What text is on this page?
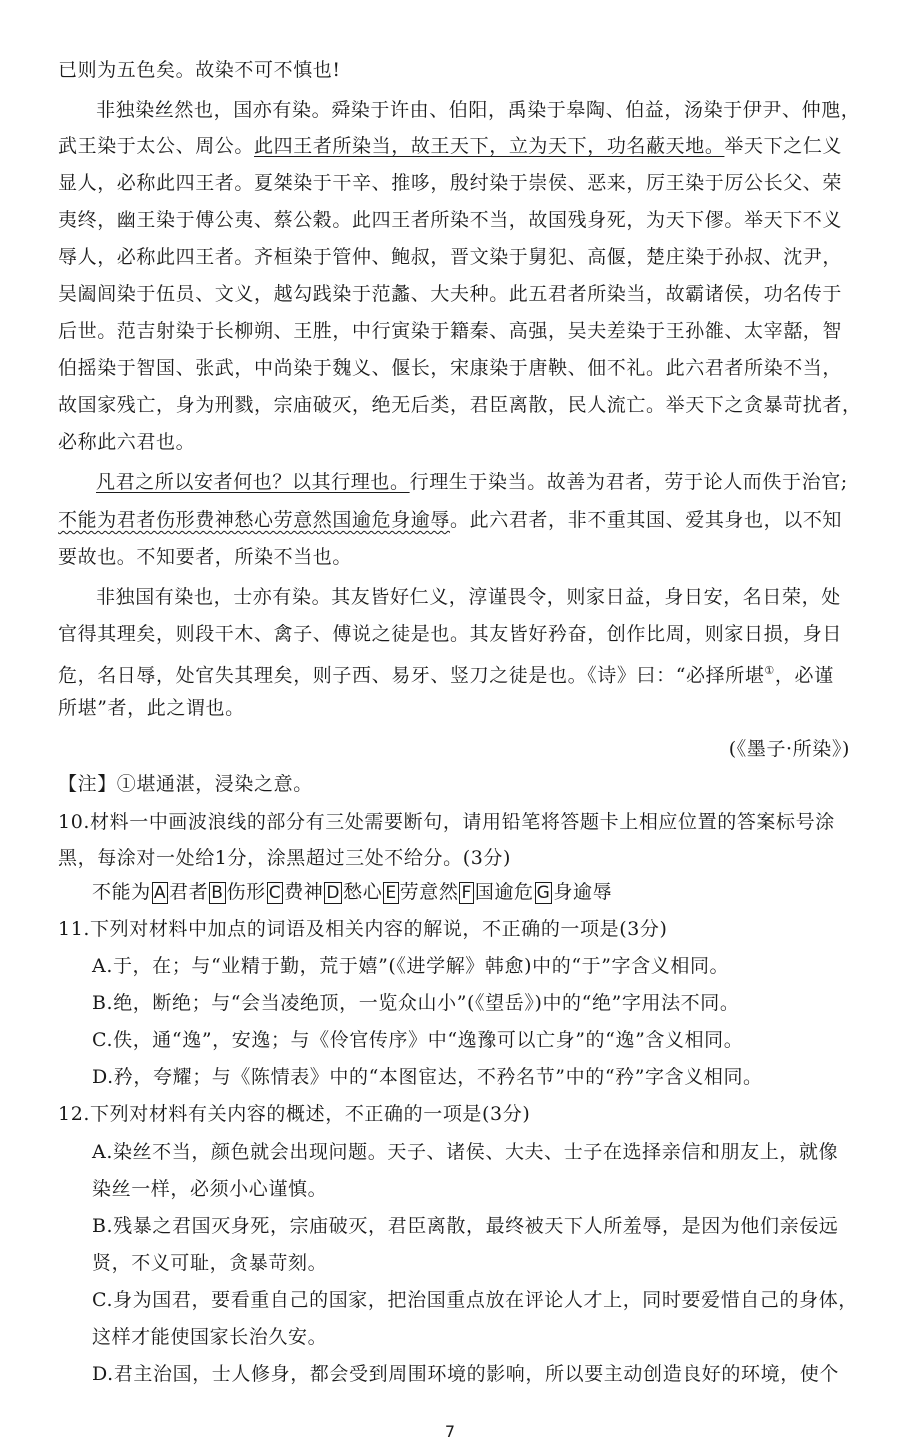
已则为五色矣。故染不可不慎也!
非独染丝然也，国亦有染。舜染于许由、伯阳，禹染于皋陶、伯益，汤染于伊尹、仲虺，
武王染于太公、周公。此四王者所染当，故王天下，立为天下，功名蔽天地。举天下之仁义
显人，必称此四王者。夏桀染于干辛、推哆，殷纣染于崇侯、恶来，厉王染于厉公长父、荣
夷终，幽王染于傅公夷、蔡公穀。此四王者所染不当，故国残身死，为天下僇。举天下不义
辱人，必称此四王者。齐桓染于管仲、鲍叔，晋文染于舅犯、高偃，楚庄染于孙叔、沈尹，
吴阖闾染于伍员、文义，越勾践染于范蠡、大夫种。此五君者所染当，故霸诸侯，功名传于
后世。范吉射染于长柳朔、王胜，中行寅染于籍秦、高强，吴夫差染于王孙雒、太宰嚭，智
伯摇染于智国、张武，中尚染于魏义、偃长，宋康染于唐鞅、佃不礼。此六君者所染不当，
故国家残亡，身为刑戮，宗庙破灭，绝无后类，君臣离散，民人流亡。举天下之贪暴苛扰者，
必称此六君也。
凡君之所以安者何也？以其行理也。行理生于染当。故善为君者，劳于论人而佚于治官;
不能为君者伤形费神愁心劳意然国逾危身逾辱。此六君者，非不重其国、爱其身也，以不知
要故也。不知要者，所染不当也。
非独国有染也，士亦有染。其友皆好仁义，淳谨畏令，则家日益，身日安，名日荣，处
官得其理矣，则段干木、禽子、傅说之徒是也。其友皆好矜奋，创作比周，则家日损，身日
危，名日辱，处官失其理矣，则子西、易牙、竖刀之徒是也。《诗》曰：“必择所堪①，必谨
所堪”者，此之谓也。
(《墨子·所染》)
【注】①堪通湛，浸染之意。
10.材料一中画波浪线的部分有三处需要断句，请用铅笔将答题卡上相应位置的答案标号涂
黑，每涂对一处给1分，涂黑超过三处不给分。(3分)
不能为 A 君者 B 伤形 C 费神 D 愁心 E 劳意然 F 国逾危 G 身逾辱
11.下列对材料中加点的词语及相关内容的解说，不正确的一项是(3分)
A.于，在；与“业精于勤，荒于嬉”(《进学解》韩愈)中的“于”字含义相同。
B.绝，断绝；与“会当凌绝顶，一览众山小”(《望岳》)中的“绝”字用法不同。
C.佚，通“逸”，安逸；与《伶官传序》中“逸豫可以亡身”的“逸”含义相同。
D.矜，夸耀；与《陈情表》中的“本图宦达，不矜名节”中的“矜”字含义相同。
12.下列对材料有关内容的概述，不正确的一项是(3分)
A.染丝不当，颜色就会出现问题。天子、诸侯、大夫、士子在选择亲信和朋友上，就像
染丝一样，必须小心谨慎。
B.残暴之君国灭身死，宗庙破灭，君臣离散，最终被天下人所羞辱，是因为他们亲佞远
贤，不义可耻，贪暴苛刻。
C.身为国君，要看重自己的国家，把治国重点放在评论人才上，同时要爱惜自己的身体，
这样才能使国家长治久安。
D.君主治国，士人修身，都会受到周围环境的影响，所以要主动创造良好的环境，使个
7
